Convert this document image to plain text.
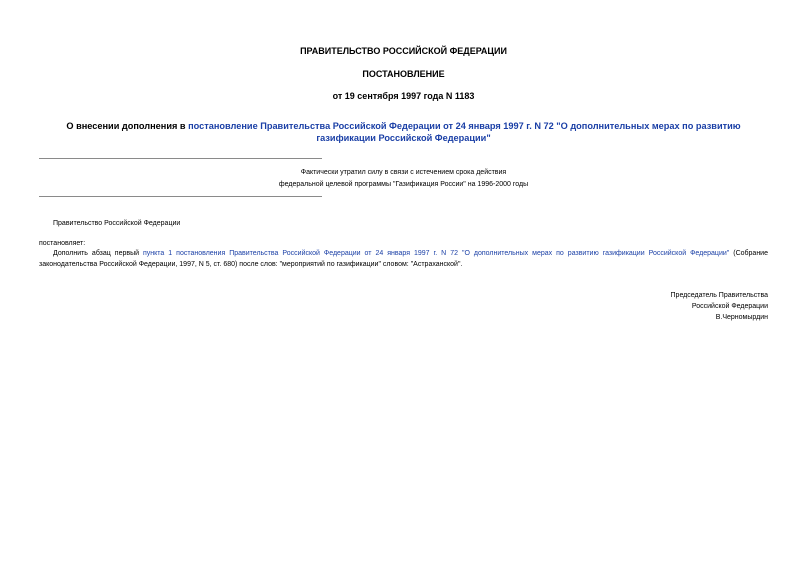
ПРАВИТЕЛЬСТВО РОССИЙСКОЙ ФЕДЕРАЦИИ
ПОСТАНОВЛЕНИЕ
от 19 сентября 1997 года N 1183
О внесении дополнения в постановление Правительства Российской Федерации от 24 января 1997 г. N 72 "О дополнительных мерах по развитию газификации Российской Федерации"
Фактически утратил силу в связи с истечением срока действия
федеральной целевой программы "Газификация России" на 1996-2000 годы
Правительство Российской Федерации
постановляет:
Дополнить абзац первый пункта 1 постановления Правительства Российской Федерации от 24 января 1997 г. N 72 "О дополнительных мерах по развитию газификации Российской Федерации" (Собрание законодательства Российской Федерации, 1997, N 5, ст. 680) после слов: "мероприятий по газификации" словом: "Астраханской".
Председатель Правительства
Российской Федерации
В.Черномырдин
